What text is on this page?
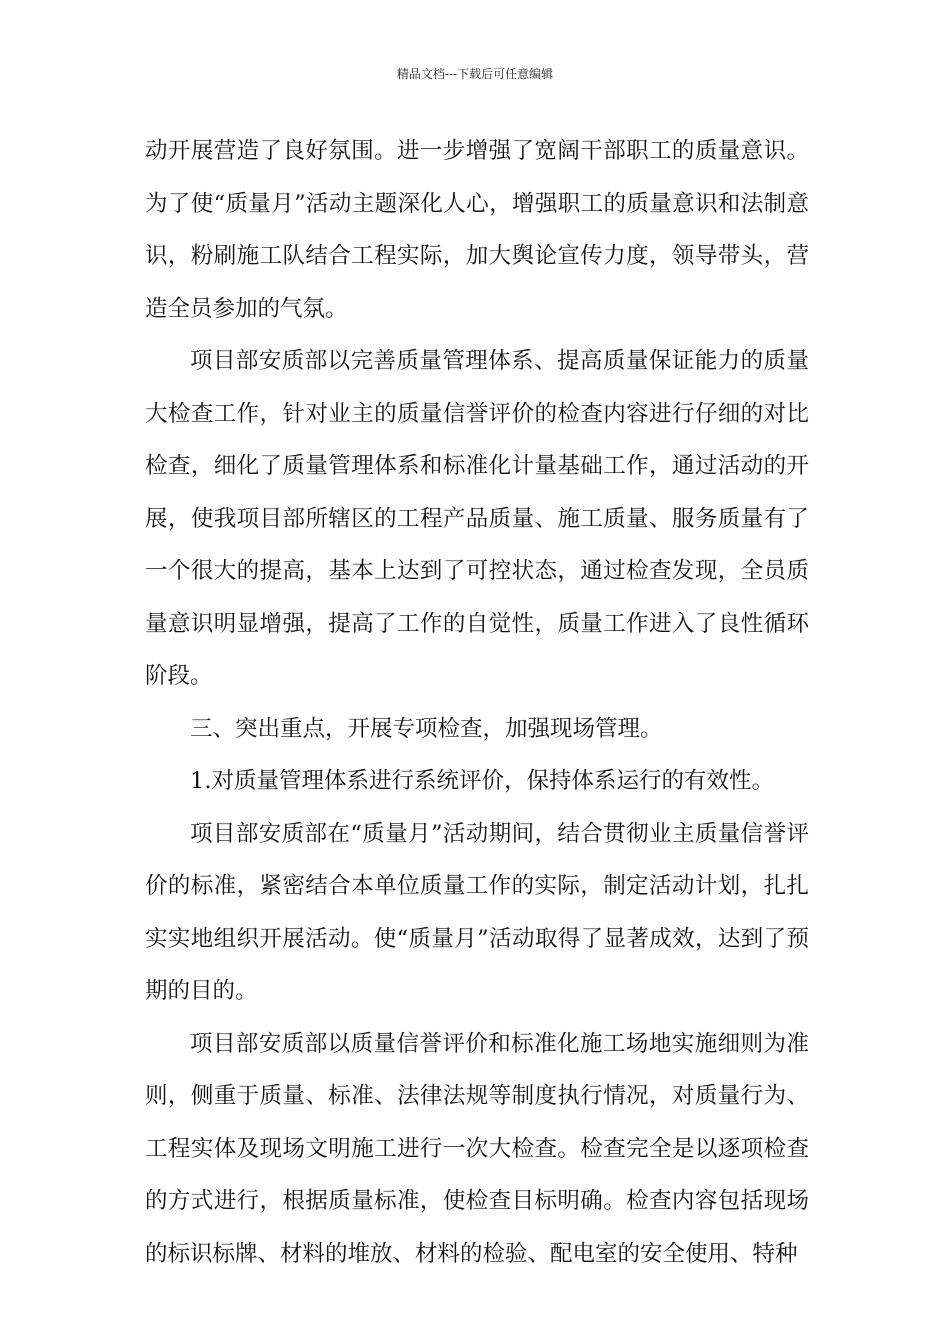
精品文档---下载后可任意编辑

动开展营造了良好氛围。进一步增强了宽阔干部职工的质量意识。为了使“质量月”活动主题深化人心，增强职工的质量意识和法制意识，粉刷施工队结合工程实际，加大舆论宣传力度，领导带头，营造全员参加的气氛。

项目部安质部以完善质量管理体系、提高质量保证能力的质量大检查工作，针对业主的质量信誉评价的检查内容进行仔细的对比检查，细化了质量管理体系和标准化计量基础工作，通过活动的开展，使我项目部所辖区的工程产品质量、施工质量、服务质量有了一个很大的提高，基本上达到了可控状态，通过检查发现，全员质量意识明显增强，提高了工作的自觉性，质量工作进入了良性循环阶段。

三、突出重点，开展专项检查，加强现场管理。

1.对质量管理体系进行系统评价，保持体系运行的有效性。

项目部安质部在“质量月”活动期间，结合贯彻业主质量信誉评价的标准，紧密结合本单位质量工作的实际，制定活动计划，扎扎实实地组织开展活动。使“质量月”活动取得了显著成效，达到了预期的目的。

项目部安质部以质量信誉评价和标准化施工场地实施细则为准则，侧重于质量、标准、法律法规等制度执行情况，对质量行为、工程实体及现场文明施工进行一次大检查。检查完全是以逐项检查的方式进行，根据质量标准，使检查目标明确。检查内容包括现场的标识标牌、材料的堆放、材料的检验、配电室的安全使用、特种
